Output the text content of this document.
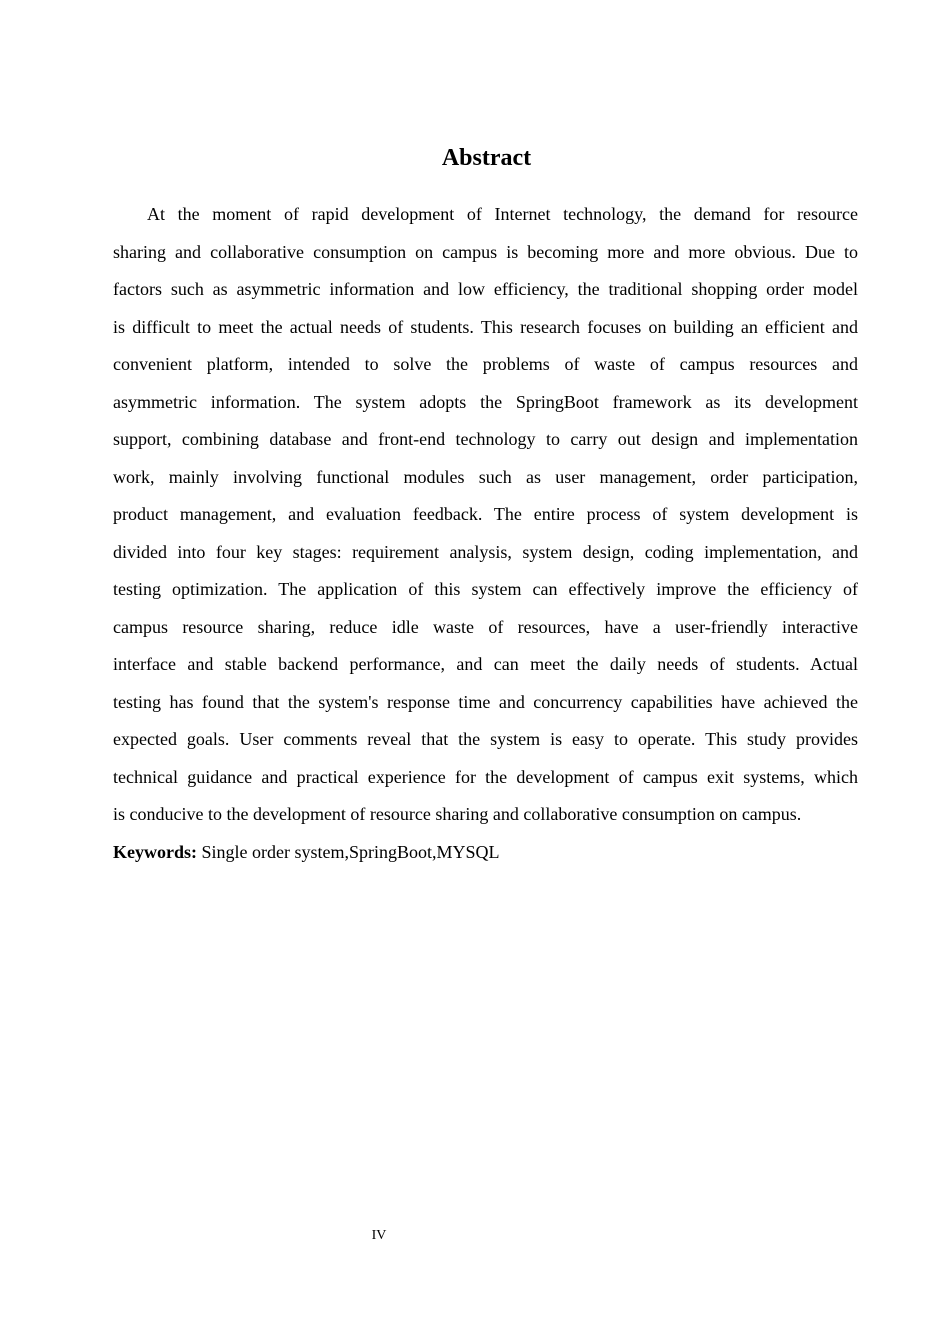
Abstract
At the moment of rapid development of Internet technology, the demand for resource
sharing and collaborative consumption on campus is becoming more and more obvious. Due to
factors such as asymmetric information and low efficiency, the traditional shopping order model
is difficult to meet the actual needs of students. This research focuses on building an efficient and
convenient platform, intended to solve the problems of waste of campus resources and
asymmetric information. The system adopts the SpringBoot framework as its development
support, combining database and front-end technology to carry out design and implementation
work, mainly involving functional modules such as user management, order participation,
product management, and evaluation feedback. The entire process of system development is
divided into four key stages: requirement analysis, system design, coding implementation, and
testing optimization. The application of this system can effectively improve the efficiency of
campus resource sharing, reduce idle waste of resources, have a user-friendly interactive
interface and stable backend performance, and can meet the daily needs of students. Actual
testing has found that the system's response time and concurrency capabilities have achieved the
expected goals. User comments reveal that the system is easy to operate. This study provides
technical guidance and practical experience for the development of campus exit systems, which
is conducive to the development of resource sharing and collaborative consumption on campus.
Keywords: Single order system,SpringBoot,MYSQL
IV
